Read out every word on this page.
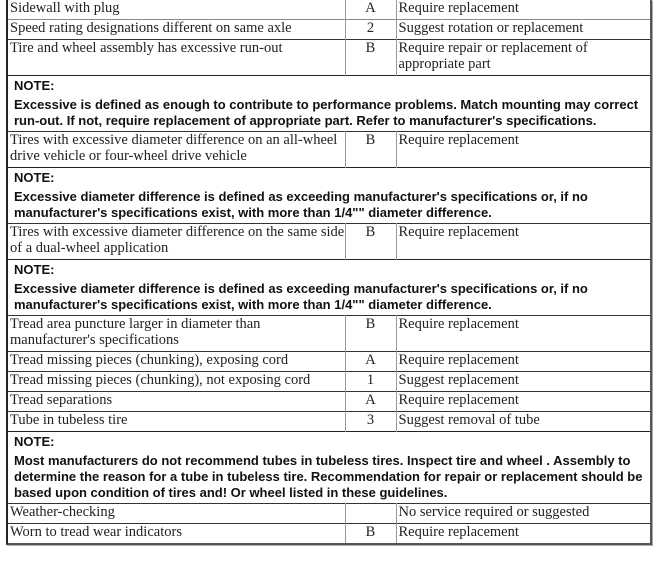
Sidewall with plug	A	Require replacement
Speed rating designations different on same axle	2	Suggest rotation or replacement
Tire and wheel assembly has excessive run-out	B	Require repair or replacement of appropriate part

NOTE:
Excessive is defined as enough to contribute to performance problems. Match mounting may correct run-out. If not, require replacement of appropriate part. Refer to manufacturer's specifications.		
Tires with excessive diameter difference on an all-wheel drive vehicle or four-wheel drive vehicle	B	Require replacement

NOTE:
Excessive diameter difference is defined as exceeding manufacturer's specifications or, if no manufacturer's specifications exist, with more than 1/4"" diameter difference.		
Tires with excessive diameter difference on the same side of a dual-wheel application	B	Require replacement

NOTE:
Excessive diameter difference is defined as exceeding manufacturer's specifications or, if no manufacturer's specifications exist, with more than 1/4"" diameter difference.		
Tread area puncture larger in diameter than manufacturer's specifications	B	Require replacement
Tread missing pieces (chunking), exposing cord	A	Require replacement
Tread missing pieces (chunking), not exposing cord	1	Suggest replacement
Tread separations	A	Require replacement
Tube in tubeless tire	3	Suggest removal of tube

NOTE:
Most manufacturers do not recommend tubes in tubeless tires. Inspect tire and wheel . Assembly to determine the reason for a tube in tubeless tire. Recommendation for repair or replacement should be based upon condition of tires and! Or wheel listed in these guidelines.		
Weather-checking		No service required or suggested
Worn to tread wear indicators	B	Require replacement
